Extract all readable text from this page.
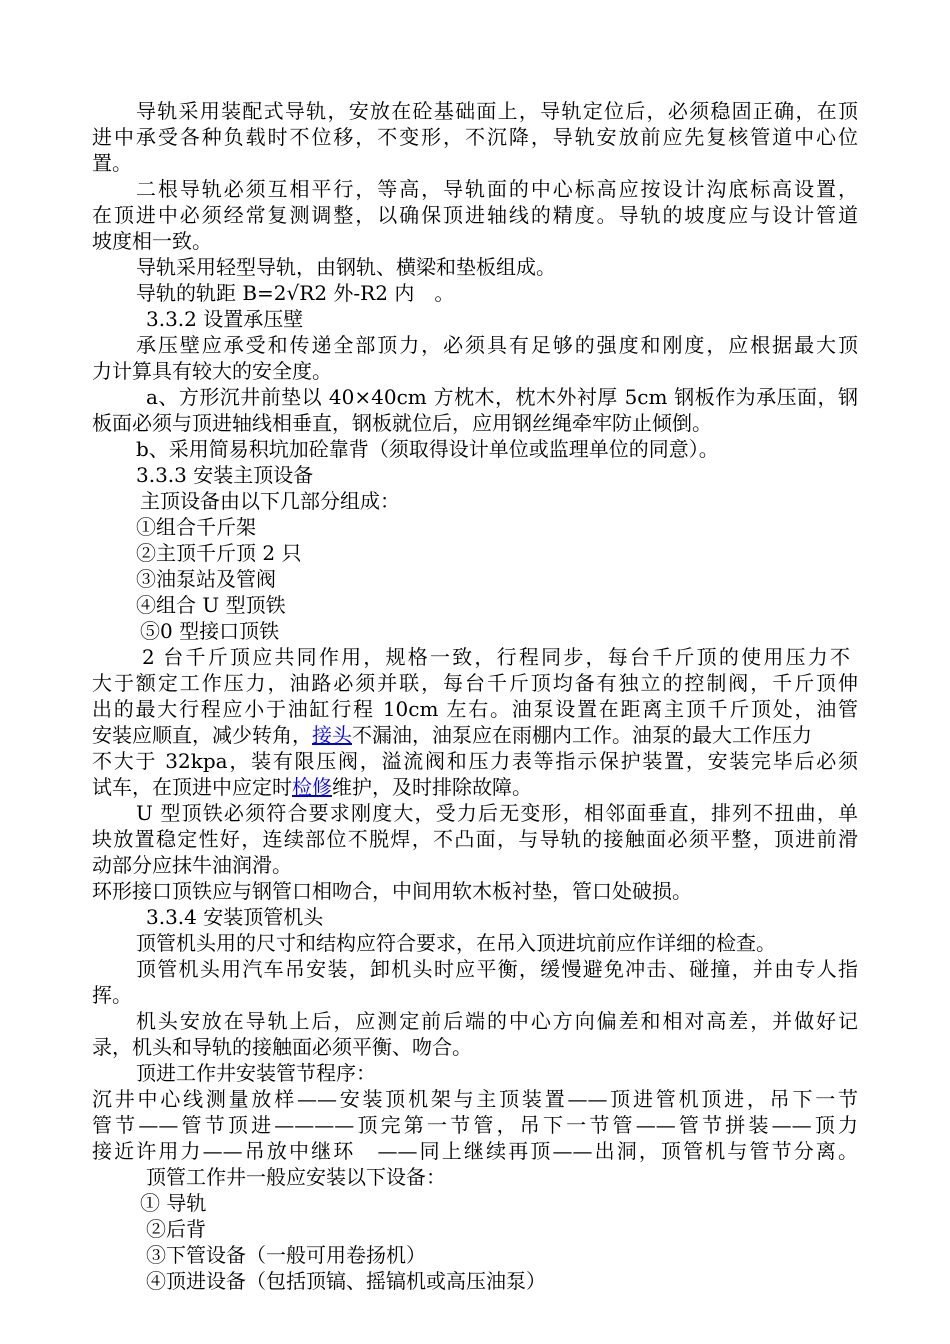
导轨采用装配式导轨，安放在砼基础面上，导轨定位后，必须稳固正确，在顶
进中承受各种负载时不位移，不变形，不沉降，导轨安放前应先复核管道中心位
置。
二根导轨必须互相平行，等高，导轨面的中心标高应按设计沟底标高设置，
在顶进中必须经常复测调整，以确保顶进轴线的精度。导轨的坡度应与设计管道
坡度相一致。
导轨采用轻型导轨，由钢轨、横梁和垫板组成。
导轨的轨距 B=2√R2 外-R2 内　。
3.3.2 设置承压壁
承压壁应承受和传递全部顶力，必须具有足够的强度和刚度，应根据最大顶
力计算具有较大的安全度。
a、方形沉井前垫以 40×40cm 方枕木，枕木外衬厚 5cm 钢板作为承压面，钢
板面必须与顶进轴线相垂直，钢板就位后，应用钢丝绳牵牢防止倾倒。
b、采用简易积坑加砼靠背（须取得设计单位或监理单位的同意）。
3.3.3 安装主顶设备
主顶设备由以下几部分组成：
①组合千斤架
②主顶千斤顶 2 只
③油泵站及管阀
④组合 U 型顶铁
⑤0 型接口顶铁
2 台千斤顶应共同作用，规格一致，行程同步，每台千斤顶的使用压力不
大于额定工作压力，油路必须并联，每台千斤顶均备有独立的控制阀，千斤顶伸
出的最大行程应小于油缸行程 10cm 左右。油泵设置在距离主顶千斤顶处，油管
安装应顺直，减少转角，接头不漏油，油泵应在雨棚内工作。油泵的最大工作压力
不大于 32kpa，装有限压阀，溢流阀和压力表等指示保护装置，安装完毕后必须
试车，在顶进中应定时检修维护，及时排除故障。
U 型顶铁必须符合要求刚度大，受力后无变形，相邻面垂直，排列不扭曲，单
块放置稳定性好，连续部位不脱焊，不凸面，与导轨的接触面必须平整，顶进前滑
动部分应抹牛油润滑。
环形接口顶铁应与钢管口相吻合，中间用软木板衬垫，管口处破损。
3.3.4 安装顶管机头
顶管机头用的尺寸和结构应符合要求，在吊入顶进坑前应作详细的检查。
顶管机头用汽车吊安装，卸机头时应平衡，缓慢避免冲击、碰撞，并由专人指
挥。
机头安放在导轨上后，应测定前后端的中心方向偏差和相对高差，并做好记
录，机头和导轨的接触面必须平衡、吻合。
顶进工作井安装管节程序：
沉井中心线测量放样——安装顶机架与主顶装置——顶进管机顶进，吊下一节
管节——管节顶进————顶完第一节管，吊下一节管——管节拼装——顶力
接近许用力——吊放中继环　——同上继续再顶——出洞，顶管机与管节分离。
顶管工作井一般应安装以下设备：
① 导轨
②后背
③下管设备（一般可用卷扬机）
④顶进设备（包括顶镐、摇镐机或高压油泵）
